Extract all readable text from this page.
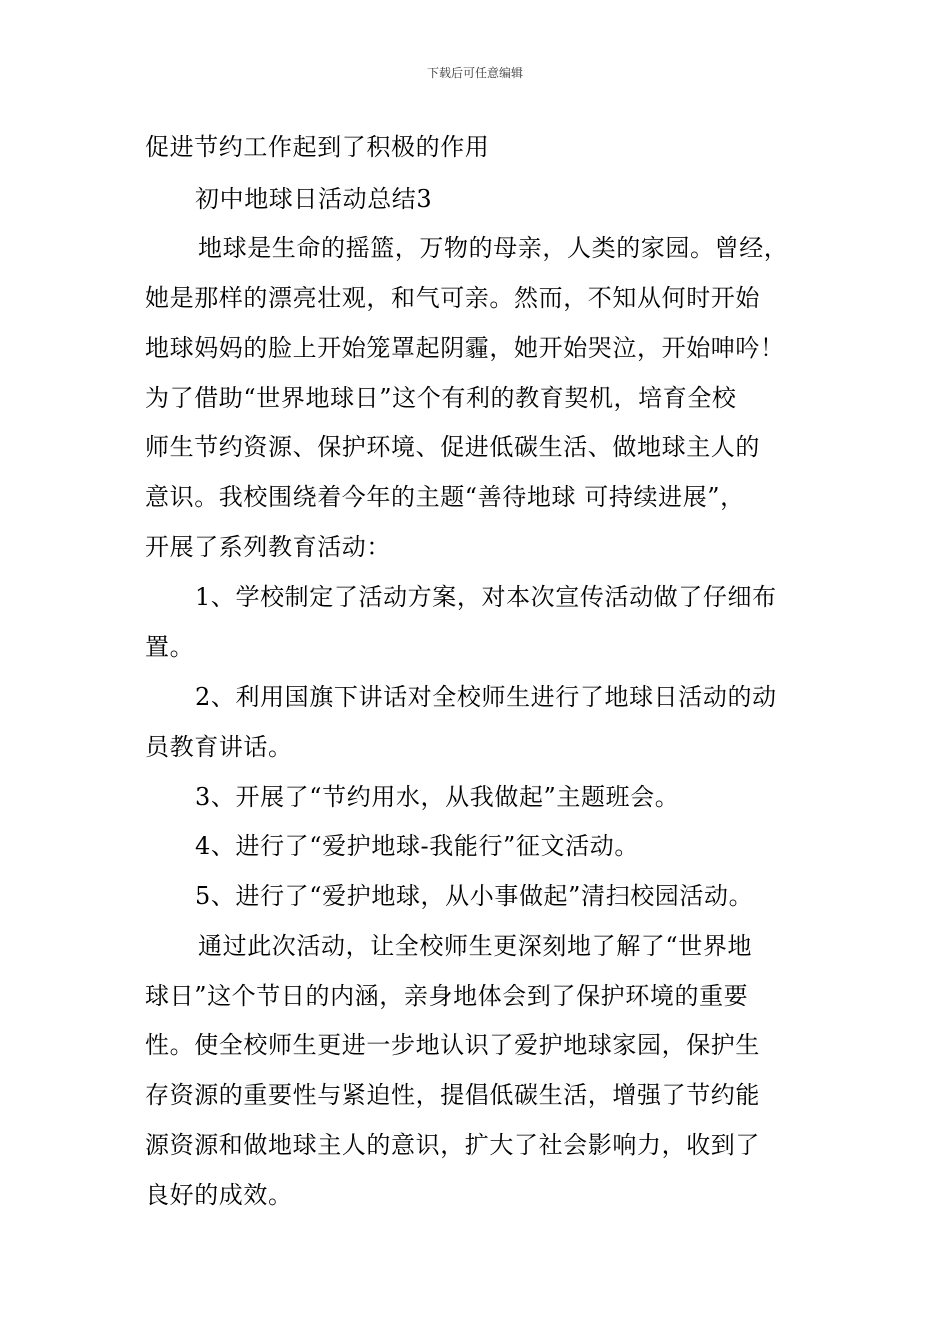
下载后可任意编辑
促进节约工作起到了积极的作用
初中地球日活动总结3
地球是生命的摇篮，万物的母亲，人类的家园。曾经，
她是那样的漂亮壮观，和气可亲。然而，不知从何时开始
地球妈妈的脸上开始笼罩起阴霾，她开始哭泣，开始呻吟！
为了借助“世界地球日”这个有利的教育契机，培育全校
师生节约资源、保护环境、促进低碳生活、做地球主人的
意识。我校围绕着今年的主题“善待地球 可持续进展”，
开展了系列教育活动：
1、学校制定了活动方案，对本次宣传活动做了仔细布
置。
2、利用国旗下讲话对全校师生进行了地球日活动的动
员教育讲话。
3、开展了“节约用水，从我做起”主题班会。
4、进行了“爱护地球-我能行”征文活动。
5、进行了“爱护地球，从小事做起”清扫校园活动。
通过此次活动，让全校师生更深刻地了解了“世界地
球日”这个节日的内涵，亲身地体会到了保护环境的重要
性。使全校师生更进一步地认识了爱护地球家园，保护生
存资源的重要性与紧迫性，提倡低碳生活，增强了节约能
源资源和做地球主人的意识，扩大了社会影响力，收到了
良好的成效。
